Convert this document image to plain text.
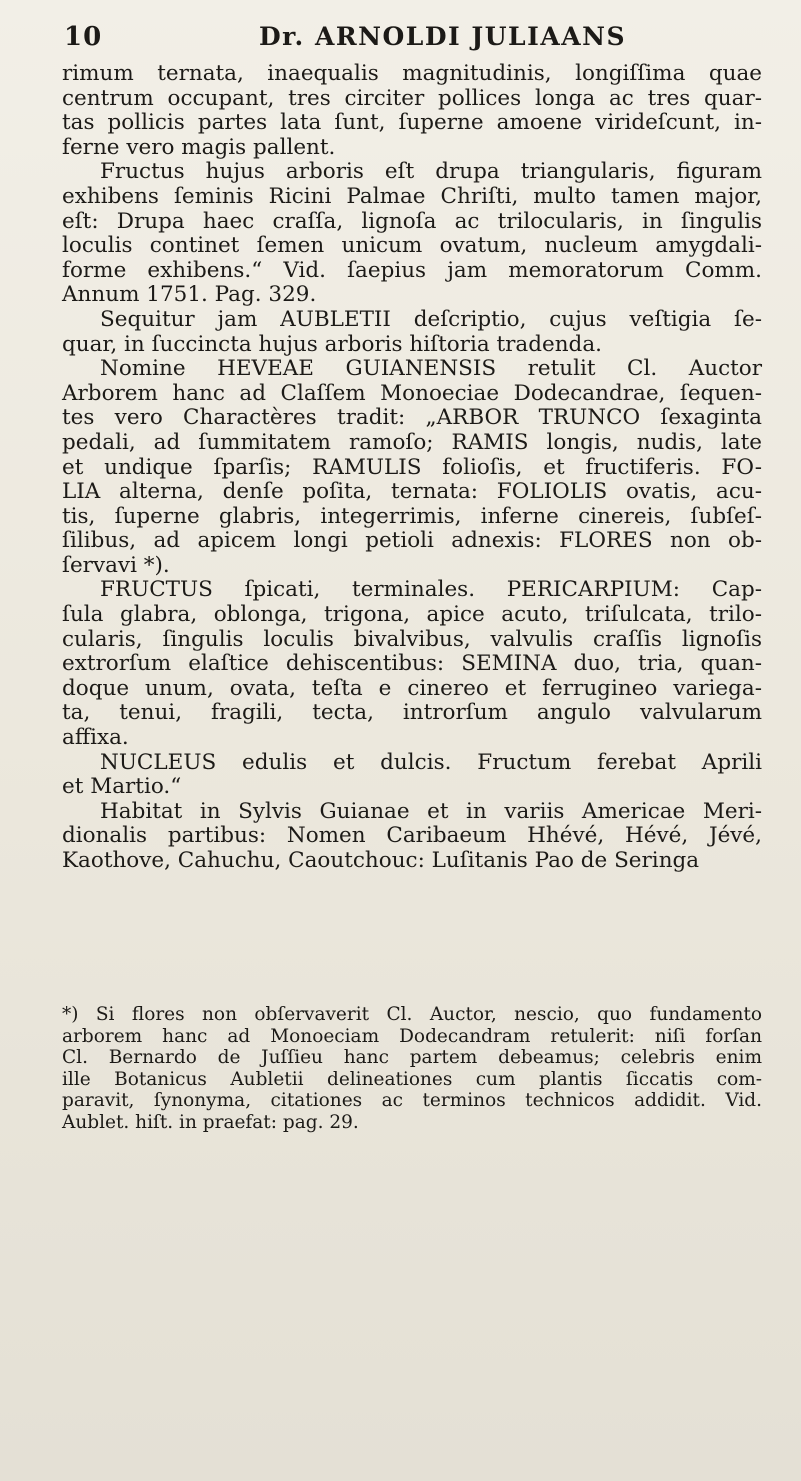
10	Dr. ARNOLDI JULIAANS
rimum ternata, inaequalis magnitudinis, longiſſima quae
centrum occupant, tres circiter pollices longa ac tres quar-
tas pollicis partes lata ſunt, ſuperne amoene virideſcunt, in-
ferne vero magis pallent.
Fructus hujus arboris eſt drupa triangularis, figuram
exhibens ſeminis Ricini Palmae Chriſti, multo tamen major,
eſt: Drupa haec craſſa, lignoſa ac trilocularis, in ſingulis
loculis continet ſemen unicum ovatum, nucleum amygdali-
forme exhibens.“ Vid. ſaepius jam memoratorum Comm.
Annum 1751. Pag. 329.
Sequitur jam AUBLETII deſcriptio, cujus veſtigia ſe-
quar, in ſuccincta hujus arboris hiſtoria tradenda.
Nomine HEVEAE GUIANENSIS retulit Cl. Auctor
Arborem hanc ad Claſſem Monoeciae Dodecandrae, ſequen-
tes vero Charactères tradit: „ARBOR TRUNCO ſexaginta
pedali, ad ſummitatem ramoſo; RAMIS longis, nudis, late
et undique ſparſis; RAMULIS folioſis, et fructiferis. FO-
LIA alterna, denſe poſita, ternata: FOLIOLIS ovatis, acu-
tis, ſuperne glabris, integerrimis, inferne cinereis, ſubſeſ-
ſilibus, ad apicem longi petioli adnexis: FLORES non ob-
ſervavi *).
FRUCTUS ſpicati, terminales. PERICARPIUM: Cap-
ſula glabra, oblonga, trigona, apice acuto, triſulcata, trilo-
cularis, ſingulis loculis bivalvibus, valvulis craſſis lignoſis
extrorſum elaſtice dehiscentibus: SEMINA duo, tria, quan-
doque unum, ovata, teſta e cinereo et ferrugineo variega-
ta, tenui, fragili, tecta, introrſum angulo valvularum
affixa.
NUCLEUS edulis et dulcis. Fructum ferebat Aprili
et Martio.“
Habitat in Sylvis Guianae et in variis Americae Meri-
dionalis partibus: Nomen Caribaeum Hhévé, Hévé, Jévé,
Kaothove, Cahuchu, Caoutchouc: Luſitanis Pao de Seringa
*) Si flores non obſervaverit Cl. Auctor, nescio, quo fundamento
arborem hanc ad Monoeciam Dodecandram retulerit: niſi forſan
Cl. Bernardo de Juſſieu hanc partem debeamus; celebris enim
ille Botanicus Aubletii delineationes cum plantis ſiccatis com-
paravit, ſynonyma, citationes ac terminos technicos addidit. Vid.
Aublet. hiſt. in praefat: pag. 29.
